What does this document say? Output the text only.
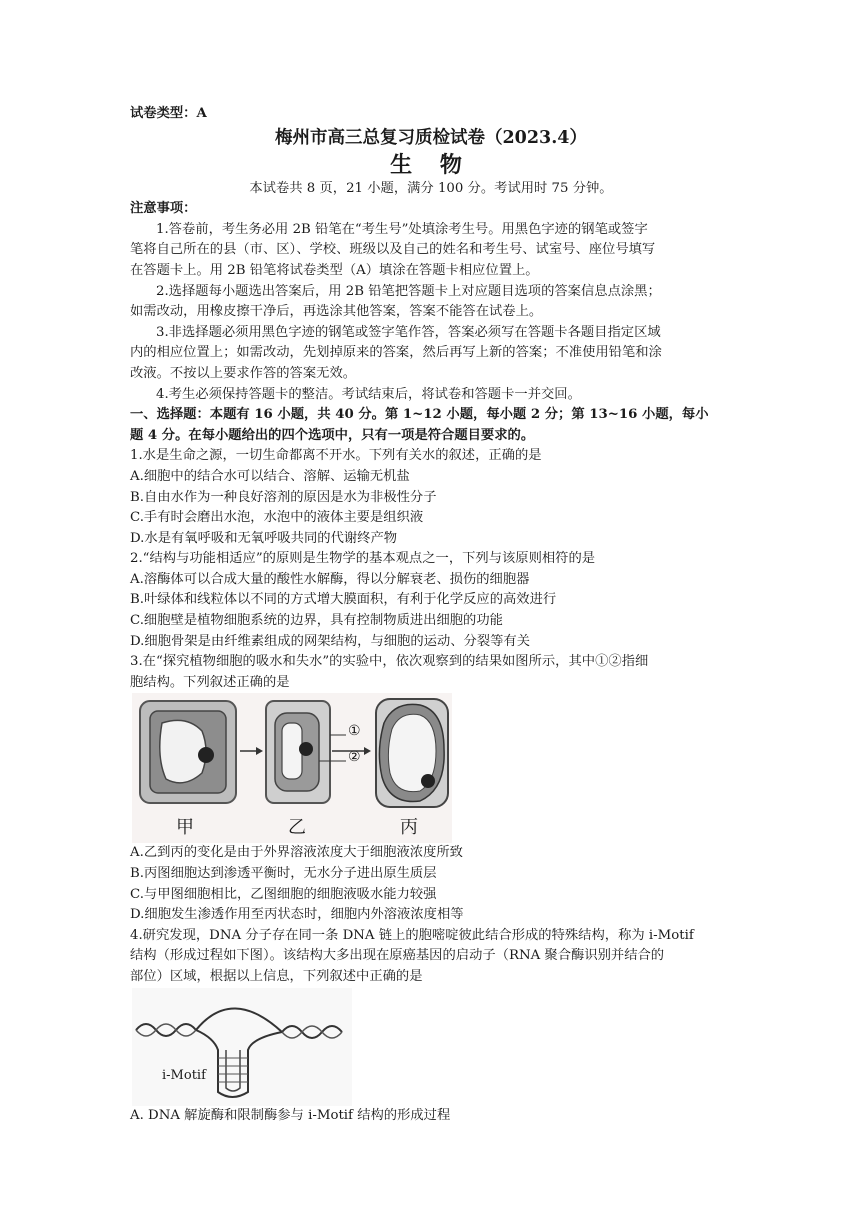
试卷类型：A
梅州市高三总复习质检试卷（2023.4）
生 物
本试卷共 8 页，21 小题，满分 100 分。考试用时 75 分钟。
注意事项：
1.答卷前，考生务必用 2B 铅笔在“考生号”处填涂考生号。用黑色字迹的钢笔或签字
笔将自己所在的县（市、区）、学校、班级以及自己的姓名和考生号、试室号、座位号填写
在答题卡上。用 2B 铅笔将试卷类型（A）填涂在答题卡相应位置上。
2.选择题每小题选出答案后，用 2B 铅笔把答题卡上对应题目选项的答案信息点涂黑；
如需改动，用橡皮擦干净后，再选涂其他答案，答案不能答在试卷上。
3.非选择题必须用黑色字迹的钢笔或签字笔作答，答案必须写在答题卡各题目指定区域
内的相应位置上；如需改动，先划掉原来的答案，然后再写上新的答案；不准使用铅笔和涂
改液。不按以上要求作答的答案无效。
4.考生必须保持答题卡的整洁。考试结束后，将试卷和答题卡一并交回。
一、选择题：本题有 16 小题，共 40 分。第 1~12 小题，每小题 2 分；第 13~16 小题，每小
题 4 分。在每小题给出的四个选项中，只有一项是符合题目要求的。
1.水是生命之源，一切生命都离不开水。下列有关水的叙述，正确的是
A.细胞中的结合水可以结合、溶解、运输无机盐
B.自由水作为一种良好溶剂的原因是水为非极性分子
C.手有时会磨出水泡，水泡中的液体主要是组织液
D.水是有氧呼吸和无氧呼吸共同的代谢终产物
2.“结构与功能相适应”的原则是生物学的基本观点之一，下列与该原则相符的是
A.溶酶体可以合成大量的酸性水解酶，得以分解衰老、损伤的细胞器
B.叶绿体和线粒体以不同的方式增大膜面积，有利于化学反应的高效进行
C.细胞壁是植物细胞系统的边界，具有控制物质进出细胞的功能
D.细胞骨架是由纤维素组成的网架结构，与细胞的运动、分裂等有关
3.在“探究植物细胞的吸水和失水”的实验中，依次观察到的结果如图所示，其中①②指细
胞结构。下列叙述正确的是
①
②
甲	乙	丙
A.乙到丙的变化是由于外界溶液浓度大于细胞液浓度所致
B.丙图细胞达到渗透平衡时，无水分子进出原生质层
C.与甲图细胞相比，乙图细胞的细胞液吸水能力较强
D.细胞发生渗透作用至丙状态时，细胞内外溶液浓度相等
4.研究发现，DNA 分子存在同一条 DNA 链上的胞嘧啶彼此结合形成的特殊结构，称为 i-Motif
结构（形成过程如下图）。该结构大多出现在原癌基因的启动子（RNA 聚合酶识别并结合的
部位）区域，根据以上信息，下列叙述中正确的是
i-Motif
A. DNA 解旋酶和限制酶参与 i-Motif 结构的形成过程
